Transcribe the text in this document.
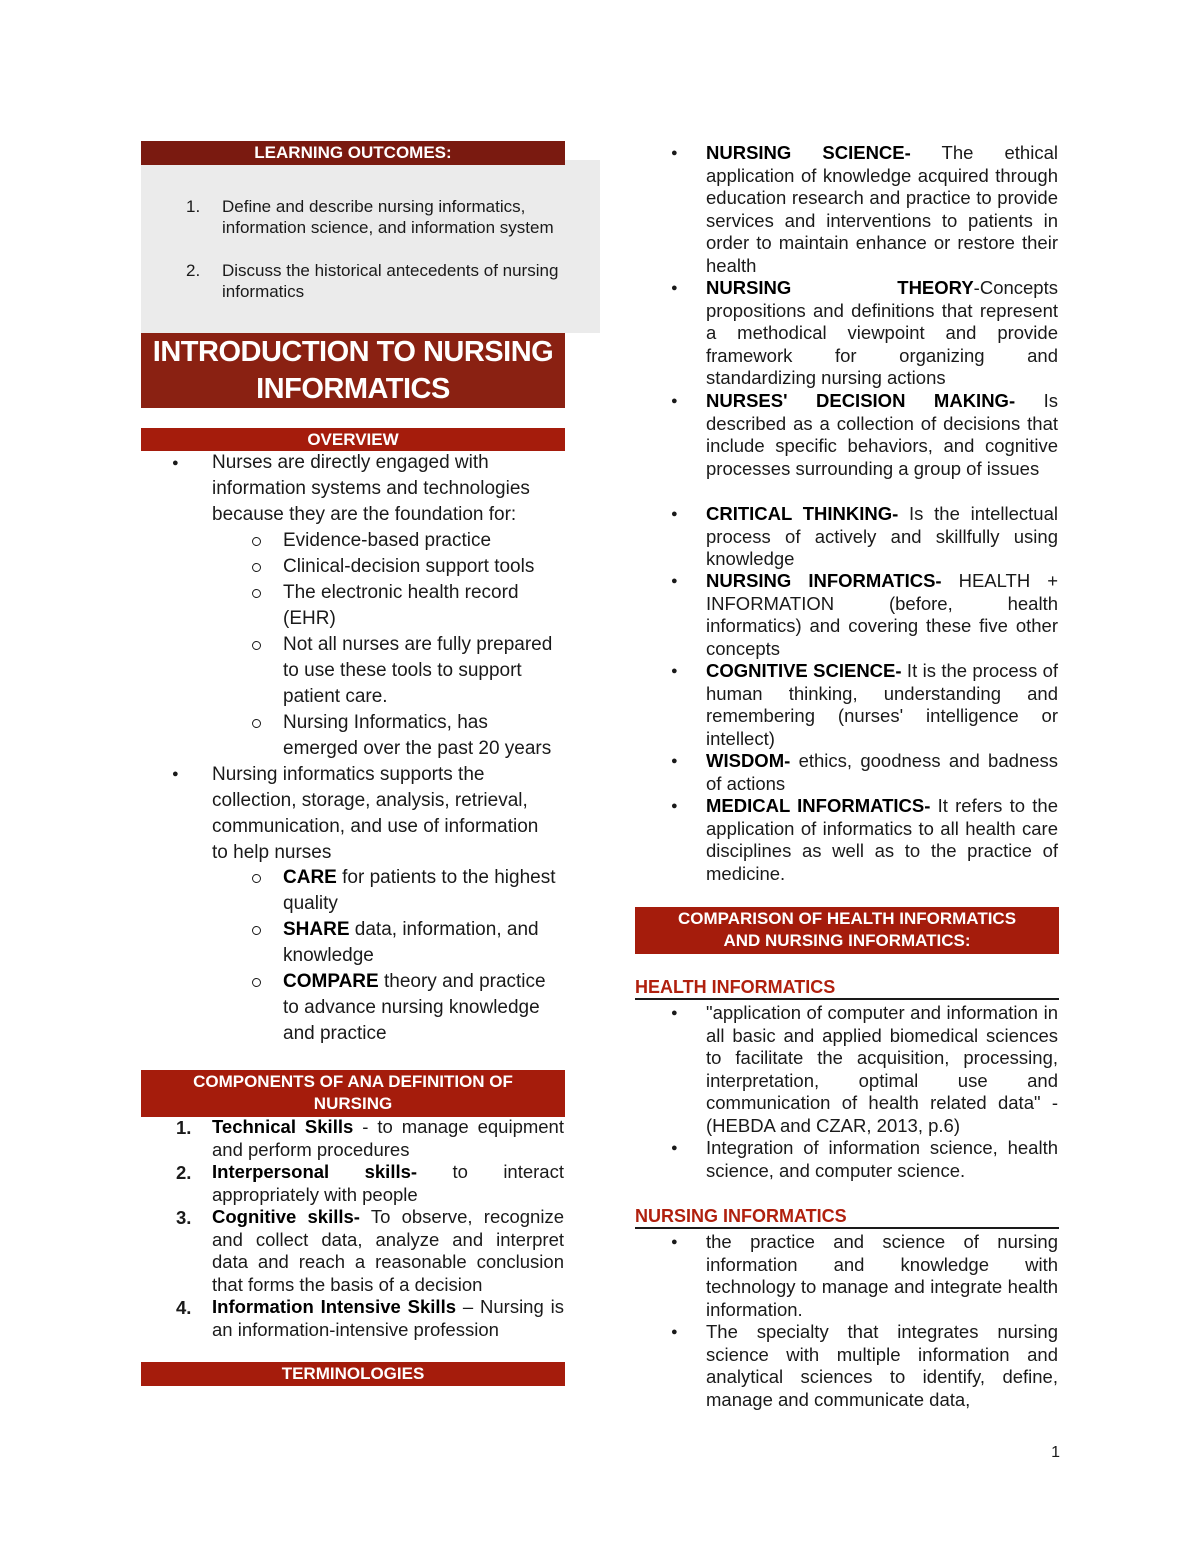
LEARNING OUTCOMES:
1. Define and describe nursing informatics, information science, and information system
2. Discuss the historical antecedents of nursing informatics
INTRODUCTION TO NURSING
INFORMATICS
OVERVIEW
Nurses are directly engaged with information systems and technologies because they are the foundation for:
●
Evidence-based practice
Clinical-decision support tools
The electronic health record (EHR)
Not all nurses are fully prepared to use these tools to support patient care.
Nursing Informatics, has emerged over the past 20 years
● Nursing informatics supports the collection, storage, analysis, retrieval, communication, and use of information to help nurses
CARE for patients to the highest quality
SHARE data, information, and knowledge
COMPARE theory and practice to advance nursing knowledge and practice
COMPONENTS OF ANA DEFINITION OF
NURSING
1. Technical Skills - to manage equipment and perform procedures
2. Interpersonal skills- to interact appropriately with people
3. Cognitive skills- To observe, recognize and collect data, analyze and interpret data and reach a reasonable conclusion that forms the basis of a decision
4. Information Intensive Skills – Nursing is an information-intensive profession
TERMINOLOGIES
● NURSING SCIENCE- The ethical application of knowledge acquired through education research and practice to provide services and interventions to patients in order to maintain enhance or restore their health
● NURSING THEORY-Concepts propositions and definitions that represent a methodical viewpoint and provide framework for organizing and standardizing nursing actions
● NURSES' DECISION MAKING- Is described as a collection of decisions that include specific behaviors, and cognitive processes surrounding a group of issues
● CRITICAL THINKING- Is the intellectual process of actively and skillfully using knowledge
● NURSING INFORMATICS- HEALTH + INFORMATION (before, health informatics) and covering these five other concepts
● COGNITIVE SCIENCE- It is the process of human thinking, understanding and remembering (nurses' intelligence or intellect)
● WISDOM- ethics, goodness and badness of actions
● MEDICAL INFORMATICS- It refers to the application of informatics to all health care disciplines as well as to the practice of medicine.
COMPARISON OF HEALTH INFORMATICS
AND NURSING INFORMATICS:
HEALTH INFORMATICS
● "application of computer and information in all basic and applied biomedical sciences to facilitate the acquisition, processing, interpretation, optimal use and communication of health related data" - (HEBDA and CZAR, 2013, p.6)
● Integration of information science, health science, and computer science.
NURSING INFORMATICS
● the practice and science of nursing information and knowledge with technology to manage and integrate health information.
● The specialty that integrates nursing science with multiple information and analytical sciences to identify, define, manage and communicate data,
1
